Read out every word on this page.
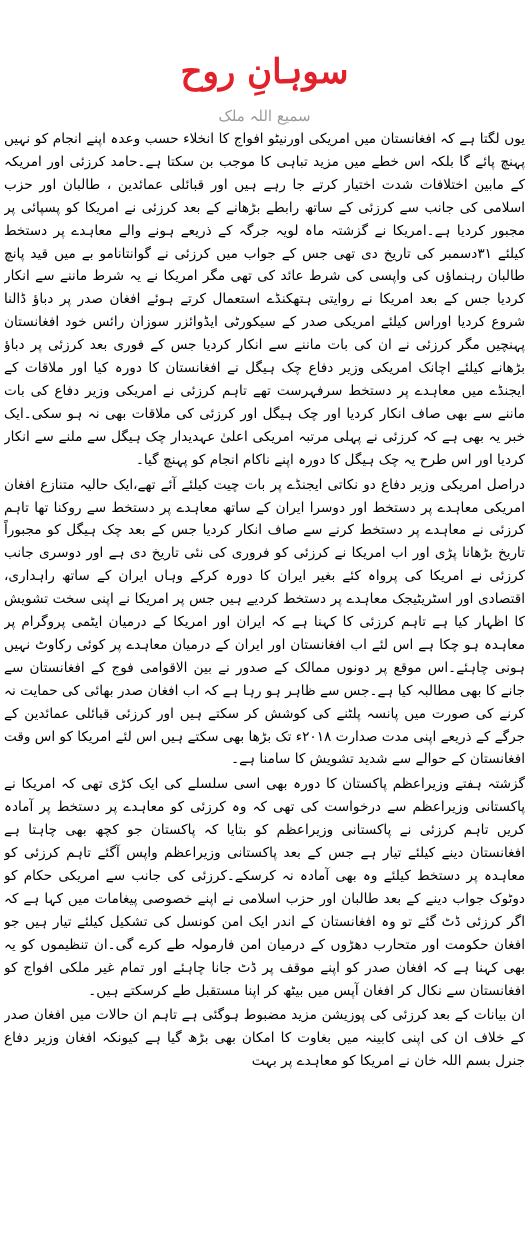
سوہانِ روح
سمیع اللہ ملک

یوں لگتا ہے کہ افغانستان میں امریکی اورنیٹو افواج کا انخلاء حسب وعدہ اپنے انجام کو نہیں پہنچ پائے گا بلکہ اس خطے میں مزید تباہی کا موجب بن سکتا ہے۔حامد کرزئی اور امریکہ کے مابین اختلافات شدت اختیار کرتے جا رہے ہیں اور قبائلی عمائدین ، طالبان اور حزب اسلامی کی جانب سے کرزئی کے ساتھ رابطے بڑھانے کے بعد کرزئی نے امریکا کو پسپائی پر مجبور کردیا ہے۔امریکا نے گزشتہ ماہ لویہ جرگہ کے ذریعے ہونے والے معاہدے پر دستخط کیلئے ۳۱دسمبر کی تاریخ دی تھی جس کے جواب میں کرزئی نے گوانتانامو بے میں قید پانچ طالبان رہنماؤں کی واپسی کی شرط عائد کی تھی مگر امریکا نے یہ شرط ماننے سے انکار کردیا جس کے بعد امریکا نے روایتی ہتھکنڈے استعمال کرتے ہوئے افغان صدر پر دباؤ ڈالنا شروع کردیا اوراس کیلئے امریکی صدر کے سیکورٹی ایڈوائزر سوزان رائس خود افغانستان پہنچیں مگر کرزئی نے ان کی بات ماننے سے انکار کردیا جس کے فوری بعد کرزئی پر دباؤ بڑھانے کیلئے اچانک امریکی وزیر دفاع چک ہیگل نے افغانستان کا دورہ کیا اور ملاقات کے ایجنڈے میں معاہدے پر دستخط سرفہرست تھے تاہم کرزئی نے امریکی وزیر دفاع کی بات ماننے سے بھی صاف انکار کردیا اور چک ہیگل اور کرزئی کی ملاقات بھی نہ ہو سکی۔ایک خبر یہ بھی ہے کہ کرزئی نے پہلی مرتبہ امریکی اعلیٰ عہدیدار چک ہیگل سے ملنے سے انکار کردیا اور اس طرح یہ چک ہیگل کا دورہ اپنے ناکام انجام کو پہنچ گیا۔

دراصل امریکی وزیر دفاع دو نکاتی ایجنڈے پر بات چیت کیلئے آئے تھے،ایک حالیہ متنازع افغان امریکی معاہدے پر دستخط اور دوسرا ایران کے ساتھ معاہدے پر دستخط سے روکنا تھا تاہم کرزئی نے معاہدے پر دستخط کرنے سے صاف انکار کردیا جس کے بعد چک ہیگل کو مجبوراً تاریخ بڑھانا پڑی اور اب امریکا نے کرزئی کو فروری کی نئی تاریخ دی ہے اور دوسری جانب کرزئی نے امریکا کی پرواہ کئے بغیر ایران کا دورہ کرکے وہاں ایران کے ساتھ راہداری، اقتصادی اور اسٹریٹیجک معاہدے پر دستخط کردیے ہیں جس پر امریکا نے اپنی سخت تشویش کا اظہار کیا ہے تاہم کرزئی کا کہنا ہے کہ ایران اور امریکا کے درمیان ایٹمی پروگرام پر معاہدہ ہو چکا ہے اس لئے اب افغانستان اور ایران کے درمیان معاہدے پر کوئی رکاوٹ نہیں ہونی چاہئے۔اس موقع پر دونوں ممالک کے صدور نے بین الاقوامی فوج کے افغانستان سے جانے کا بھی مطالبہ کیا ہے۔جس سے ظاہر ہو رہا ہے کہ اب افغان صدر بھائی کی حمایت نہ کرنے کی صورت میں پانسہ پلٹنے کی کوشش کر سکتے ہیں اور کرزئی قبائلی عمائدین کے جرگے کے ذریعے اپنی مدت صدارت ۲۰۱۸ء تک بڑھا بھی سکتے ہیں اس لئے امریکا کو اس وقت افغانستان کے حوالے سے شدید تشویش کا سامنا ہے۔

گزشتہ ہفتے وزیراعظم پاکستان کا دورہ بھی اسی سلسلے کی ایک کڑی تھی کہ امریکا نے پاکستانی وزیراعظم سے درخواست کی تھی کہ وہ کرزئی کو معاہدے پر دستخط پر آمادہ کریں تاہم کرزئی نے پاکستانی وزیراعظم کو بتایا کہ پاکستان جو کچھ بھی چاہتا ہے افغانستان دینے کیلئے تیار ہے جس کے بعد پاکستانی وزیراعظم واپس آگئے تاہم کرزئی کو معاہدہ پر دستخط کیلئے وہ بھی آمادہ نہ کرسکے۔کرزئی کی جانب سے امریکی حکام کو دوٹوک جواب دینے کے بعد طالبان اور حزب اسلامی نے اپنے خصوصی پیغامات میں کہا ہے کہ اگر کرزئی ڈٹ گئے تو وہ افغانستان کے اندر ایک امن کونسل کی تشکیل کیلئے تیار ہیں جو افغان حکومت اور متحارب دھڑوں کے درمیان امن فارمولہ طے کرے گی۔ان تنظیموں کو یہ بھی کہنا ہے کہ افغان صدر کو اپنے موقف پر ڈٹ جانا چاہئے اور تمام غیر ملکی افواج کو افغانستان سے نکال کر افغان آپس میں بیٹھ کر اپنا مستقبل طے کرسکتے ہیں۔

ان بیانات کے بعد کرزئی کی پوزیشن مزید مضبوط ہوگئی ہے تاہم ان حالات میں افغان صدر کے خلاف ان کی اپنی کابینہ میں بغاوت کا امکان بھی بڑھ گیا ہے کیونکہ افغان وزیر دفاع جنرل بسم اللہ خان نے امریکا کو معاہدے پر بہت
